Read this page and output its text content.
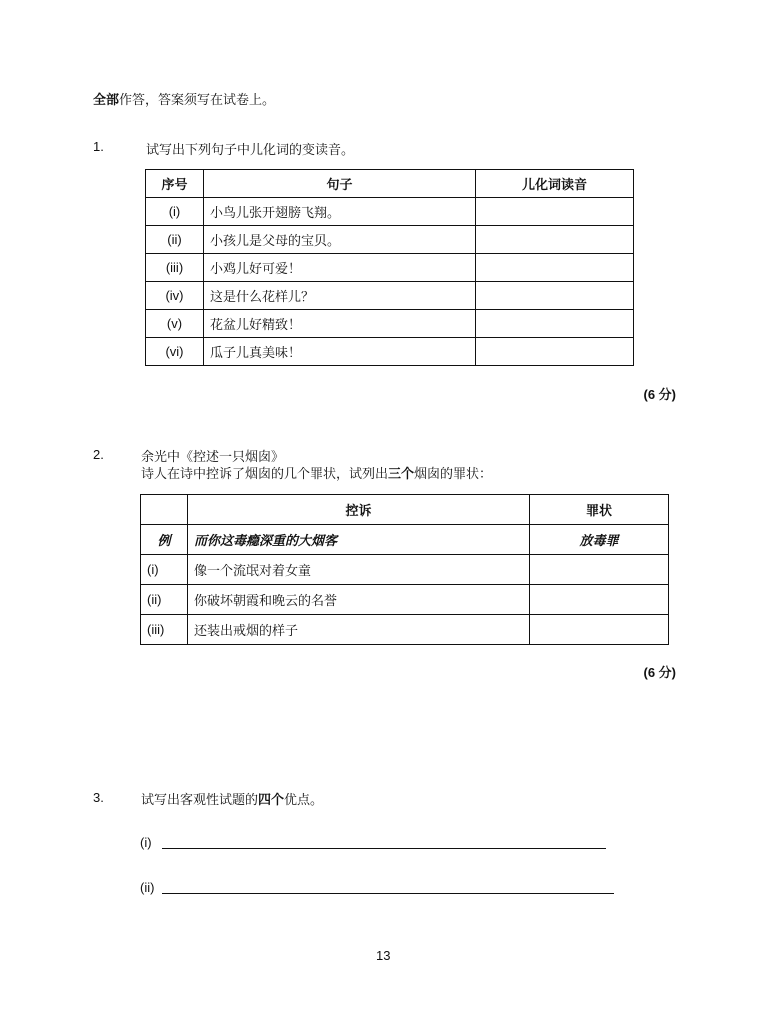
全部作答，答案须写在试卷上。
1.	试写出下列句子中儿化词的变读音。
序号	句子	儿化词读音
(i)	小鸟儿张开翅膀飞翔。	
(ii)	小孩儿是父母的宝贝。	
(iii)	小鸡儿好可爱！	
(iv)	这是什么花样儿？	
(v)	花盆儿好精致！	
(vi)	瓜子儿真美味！	
(6 分)
2.	余光中《控述一只烟囱》
诗人在诗中控诉了烟囱的几个罪状，试列出三个烟囱的罪状：
	控诉	罪状
例	而你这毒瘾深重的大烟客	放毒罪
(i)	像一个流氓对着女童	
(ii)	你破坏朝霞和晚云的名誉	
(iii)	还装出戒烟的样子	
(6 分)
3.	试写出客观性试题的四个优点。
(i)
(ii)
13
